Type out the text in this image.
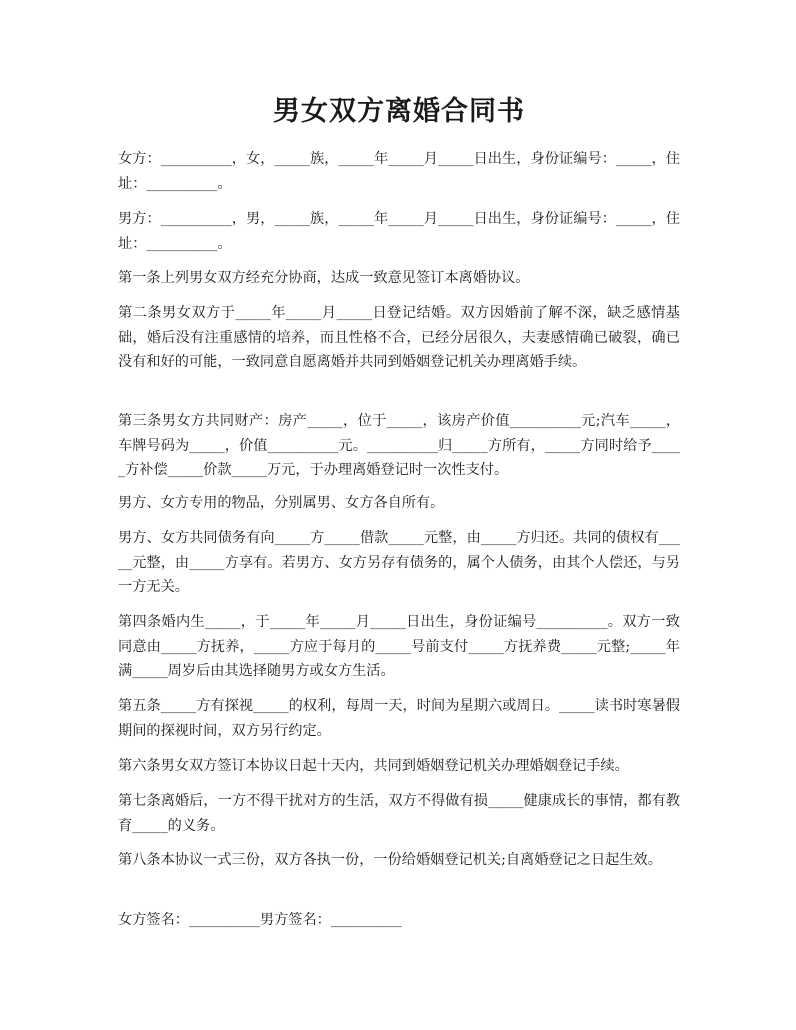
男女双方离婚合同书
女方：__________，女，_____族，_____年_____月_____日出生，身份证编号：_____，住址：__________。
男方：__________，男，_____族，_____年_____月_____日出生，身份证编号：_____，住址：__________。
第一条上列男女双方经充分协商，达成一致意见签订本离婚协议。
第二条男女双方于_____年_____月_____日登记结婚。双方因婚前了解不深，缺乏感情基础，婚后没有注重感情的培养，而且性格不合，已经分居很久，夫妻感情确已破裂，确已没有和好的可能，一致同意自愿离婚并共同到婚姻登记机关办理离婚手续。
第三条男女方共同财产：房产_____，位于_____，该房产价值__________元;汽车_____，车牌号码为_____，价值__________元。__________归_____方所有，_____方同时给予_____方补偿_____价款_____万元，于办理离婚登记时一次性支付。
男方、女方专用的物品，分别属男、女方各自所有。
男方、女方共同债务有向_____方_____借款_____元整，由_____方归还。共同的债权有_____元整，由_____方享有。若男方、女方另存有债务的，属个人债务，由其个人偿还，与另一方无关。
第四条婚内生_____，于_____年_____月_____日出生，身份证编号__________。双方一致同意由_____方抚养，_____方应于每月的_____号前支付_____方抚养费_____元整;_____年满_____周岁后由其选择随男方或女方生活。
第五条_____方有探视_____的权利，每周一天，时间为星期六或周日。_____读书时寒暑假期间的探视时间，双方另行约定。
第六条男女双方签订本协议日起十天内，共同到婚姻登记机关办理婚姻登记手续。
第七条离婚后，一方不得干扰对方的生活，双方不得做有损_____健康成长的事情，都有教育_____的义务。
第八条本协议一式三份，双方各执一份，一份给婚姻登记机关;自离婚登记之日起生效。
女方签名：__________男方签名：__________
